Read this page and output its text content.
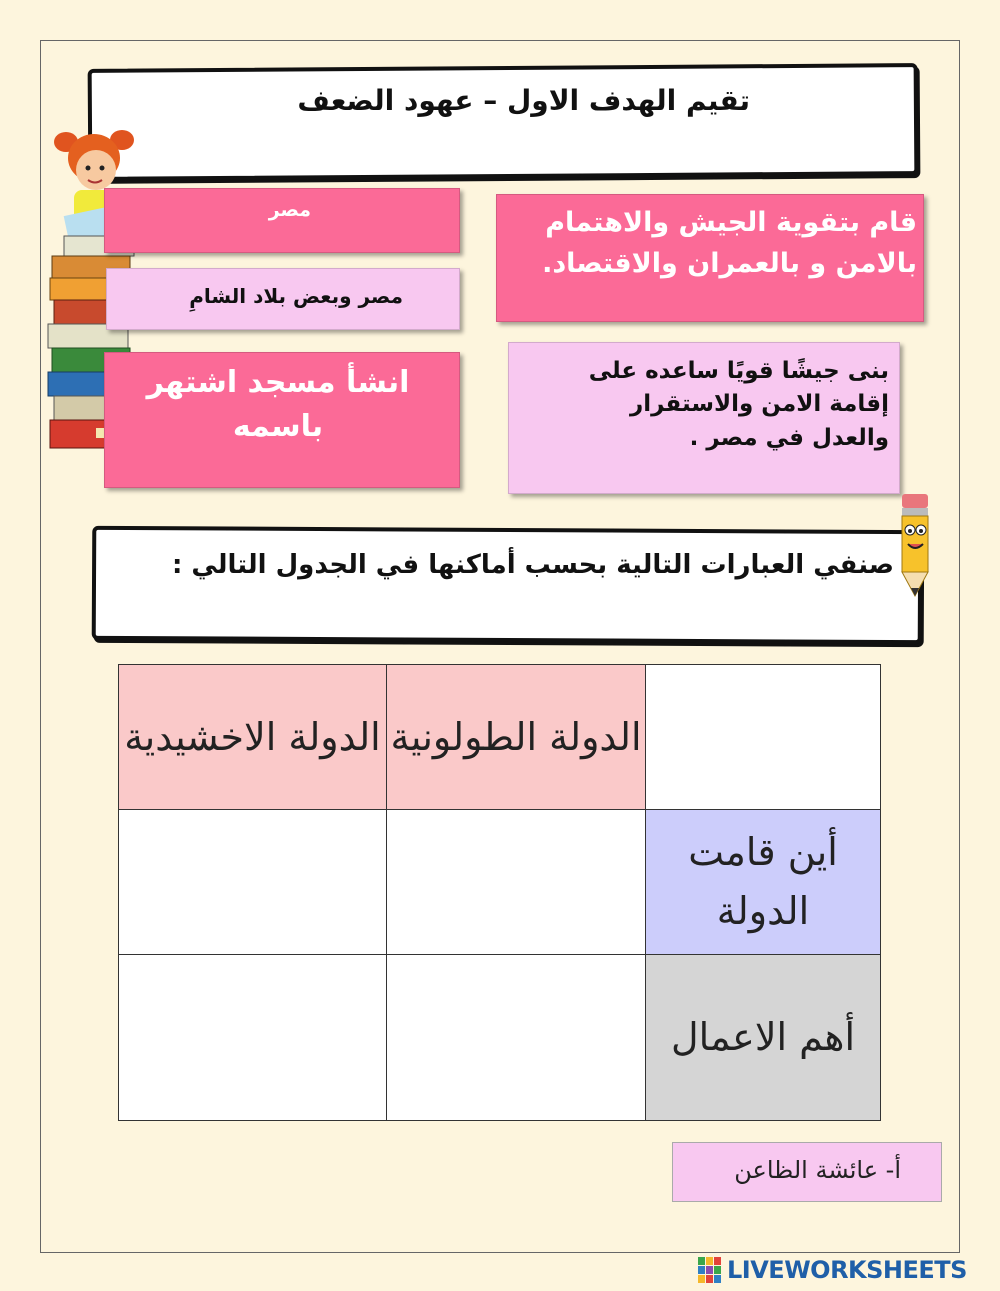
تقيم الهدف الاول – عهود الضعف
مصر
مصر وبعض بلاد الشامِ
انشأ مسجد اشتهر باسمه
قام بتقوية الجيش والاهتمام بالامن و بالعمران والاقتصاد.
بنى جيشًا قويًا ساعده على إقامة الامن والاستقرار والعدل في مصر .
صنفي العبارات التالية بحسب أماكنها في الجدول التالي :
الدولة الاخشيدية	الدولة الطولونية	
		أين قامت الدولة
		أهم الاعمال
أ- عائشة الظاعن
LIVEWORKSHEETS
